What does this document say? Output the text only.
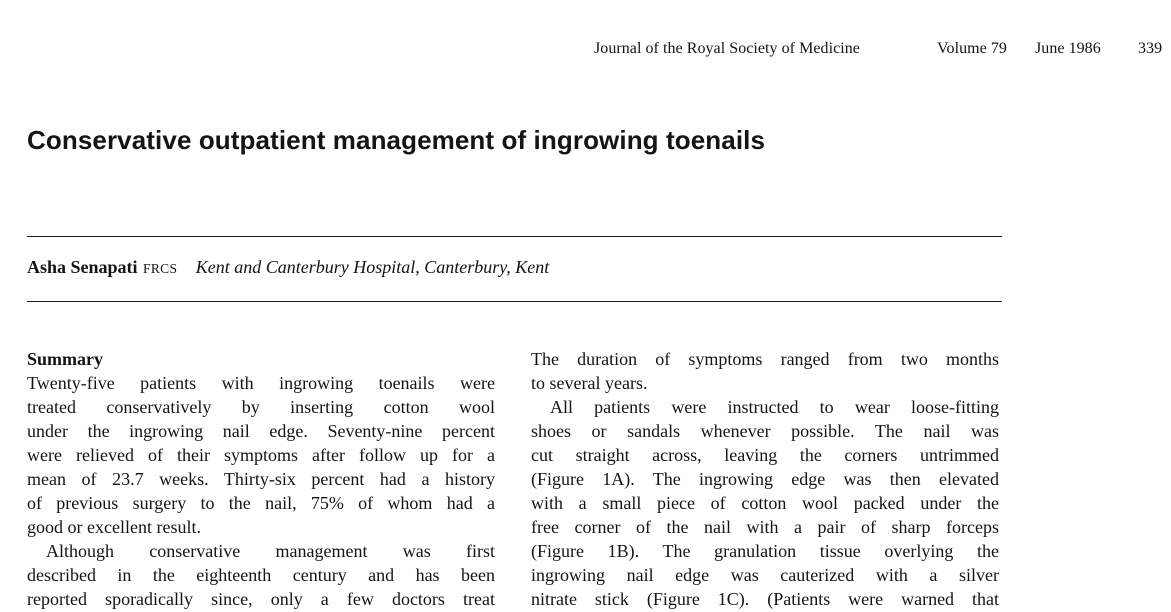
Journal of the Royal Society of Medicine	Volume 79 June 1986 339
Conservative outpatient management of ingrowing toenails
Asha Senapati FRCS Kent and Canterbury Hospital, Canterbury, Kent
Summary
Twenty-five patients with ingrowing toenails were
treated conservatively by inserting cotton wool
under the ingrowing nail edge. Seventy-nine percent
were relieved of their symptoms after follow up for a
mean of 23.7 weeks. Thirty-six percent had a history
of previous surgery to the nail, 75% of whom had a
good or excellent result.
Although conservative management was first
described in the eighteenth century and has been
reported sporadically since, only a few doctors treat
The duration of symptoms ranged from two months
to several years.
All patients were instructed to wear loose-fitting
shoes or sandals whenever possible. The nail was
cut straight across, leaving the corners untrimmed
(Figure 1A). The ingrowing edge was then elevated
with a small piece of cotton wool packed under the
free corner of the nail with a pair of sharp forceps
(Figure 1B). The granulation tissue overlying the
ingrowing nail edge was cauterized with a silver
nitrate stick (Figure 1C). (Patients were warned that
